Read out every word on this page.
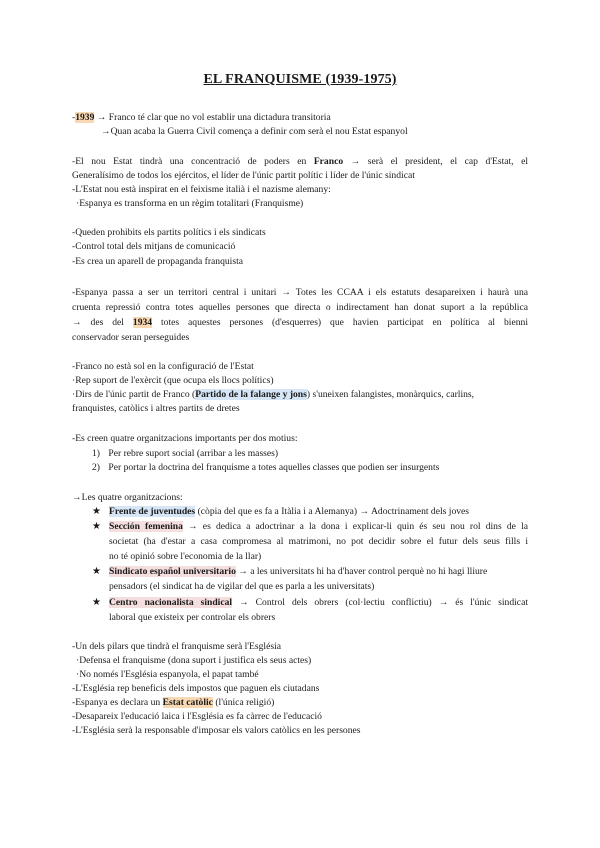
EL FRANQUISME (1939-1975)
-1939 → Franco té clar que no vol establir una dictadura transitoria
→Quan acaba la Guerra Civil comença a definir com serà el nou Estat espanyol
-El nou Estat tindrà una concentració de poders en Franco → serà el president, el cap d'Estat, el
Generalísimo de todos los ejércitos, el líder de l'únic partit polític i líder de l'únic sindicat
-L'Estat nou està inspirat en el feixisme italià i el nazisme alemany:
·Espanya es transforma en un règim totalitari (Franquisme)
-Queden prohibits els partits polítics i els sindicats
-Control total dels mitjans de comunicació
-Es crea un aparell de propaganda franquista
-Espanya passa a ser un territori central i unitari → Totes les CCAA i els estatuts desapareixen i haurà una
cruenta repressió contra totes aquelles persones que directa o indirectament han donat suport a la república
→ des del 1934 totes aquestes persones (d'esquerres) que havien participat en política al bienni
conservador seran perseguides
-Franco no està sol en la configuració de l'Estat
·Rep suport de l'exèrcit (que ocupa els llocs polítics)
·Dirs de l'únic partit de Franco (Partido de la falange y jons) s'uneixen falangistes, monàrquics, carlins,
franquistes, catòlics i altres partits de dretes
-Es creen quatre organitzacions importants per dos motius:
1) Per rebre suport social (arribar a les masses)
2) Per portar la doctrina del franquisme a totes aquelles classes que podien ser insurgents
→Les quatre organitzacions:
★ Frente de juventudes (còpia del que es fa a Itàlia i a Alemanya) → Adoctrinament dels joves
★ Sección femenina → es dedica a adoctrinar a la dona i explicar-li quin és seu nou rol dins de la
societat (ha d'estar a casa compromesa al matrimoni, no pot decidir sobre el futur dels seus fills i
no té opinió sobre l'economia de la llar)
★ Sindicato español universitario → a les universitats hi ha d'haver control perquè no hi hagi lliure
pensadors (el sindicat ha de vigilar del que es parla a les universitats)
★ Centro nacionalista sindical → Control dels obrers (col·lectiu conflictiu) → és l'únic sindicat
laboral que existeix per controlar els obrers
-Un dels pilars que tindrà el franquisme serà l'Església
·Defensa el franquisme (dona suport i justifica els seus actes)
·No només l'Església espanyola, el papat també
-L'Església rep beneficis dels impostos que paguen els ciutadans
-Espanya es declara un Estat catòlic (l'única religió)
-Desapareix l'educació laica i l'Església es fa càrrec de l'educació
-L'Església serà la responsable d'imposar els valors catòlics en les persones
